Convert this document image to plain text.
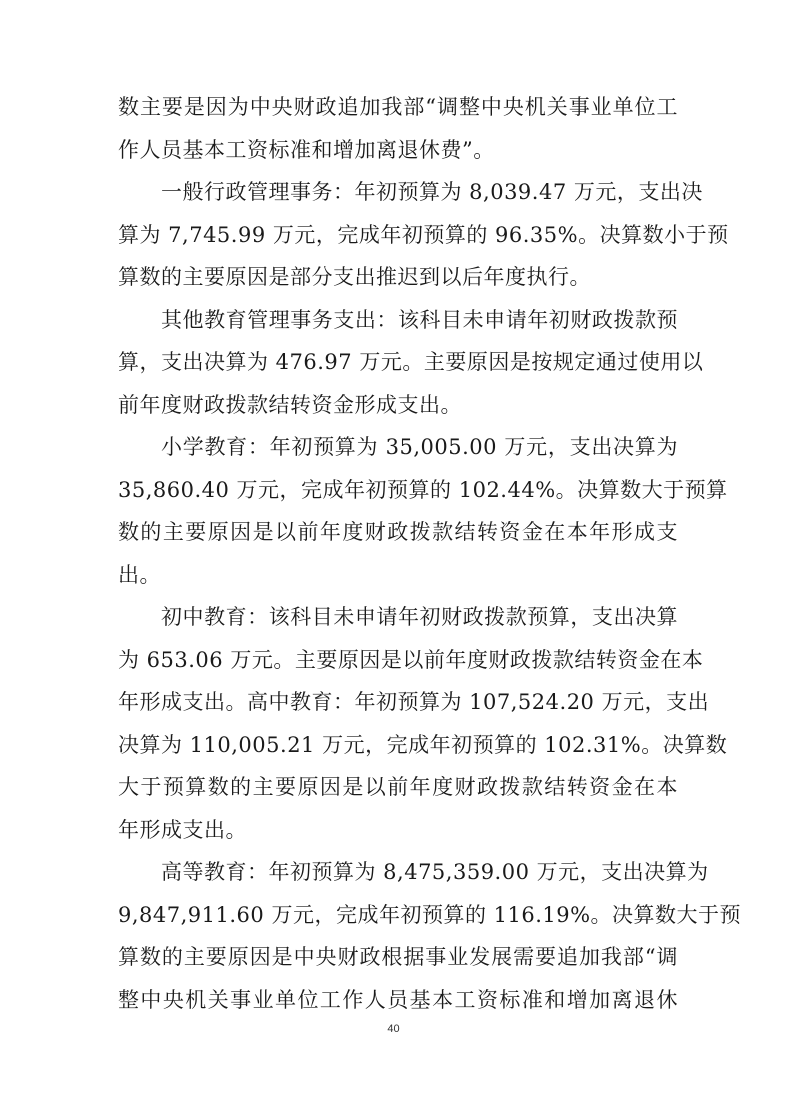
数主要是因为中央财政追加我部“调整中央机关事业单位工
作人员基本工资标准和增加离退休费”。
一般行政管理事务：年初预算为 8,039.47 万元，支出决
算为 7,745.99 万元，完成年初预算的 96.35%。决算数小于预
算数的主要原因是部分支出推迟到以后年度执行。
其他教育管理事务支出：该科目未申请年初财政拨款预
算，支出决算为 476.97 万元。主要原因是按规定通过使用以
前年度财政拨款结转资金形成支出。
小学教育：年初预算为 35,005.00 万元，支出决算为
35,860.40 万元，完成年初预算的 102.44%。决算数大于预算
数的主要原因是以前年度财政拨款结转资金在本年形成支
出。
初中教育：该科目未申请年初财政拨款预算，支出决算
为 653.06 万元。主要原因是以前年度财政拨款结转资金在本
年形成支出。高中教育：年初预算为 107,524.20 万元，支出
决算为 110,005.21 万元，完成年初预算的 102.31%。决算数
大于预算数的主要原因是以前年度财政拨款结转资金在本
年形成支出。
高等教育：年初预算为 8,475,359.00 万元，支出决算为
9,847,911.60 万元，完成年初预算的 116.19%。决算数大于预
算数的主要原因是中央财政根据事业发展需要追加我部“调
整中央机关事业单位工作人员基本工资标准和增加离退休
40
